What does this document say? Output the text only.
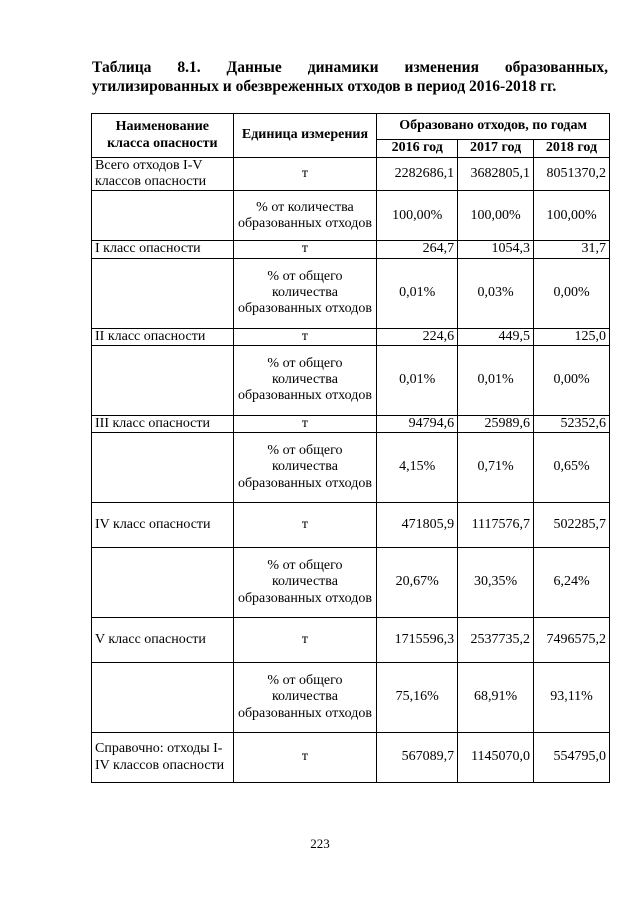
Таблица 8.1. Данные динамики изменения образованных,
утилизированных и обезвреженных отходов в период 2016-2018 гг.
Наименование класса опасности	Единица измерения	Образовано отходов, по годам		
		2016 год	2017 год	2018 год
Всего отходов I-V классов опасности	т	2282686,1	3682805,1	8051370,2
	% от количества образованных отходов	100,00%	100,00%	100,00%
I класс опасности	т	264,7	1054,3	31,7
	% от общего количества образованных отходов	0,01%	0,03%	0,00%
II класс опасности	т	224,6	449,5	125,0
	% от общего количества образованных отходов	0,01%	0,01%	0,00%
III класс опасности	т	94794,6	25989,6	52352,6
	% от общего количества образованных отходов	4,15%	0,71%	0,65%
IV класс опасности	т	471805,9	1117576,7	502285,7
	% от общего количества образованных отходов	20,67%	30,35%	6,24%
V класс опасности	т	1715596,3	2537735,2	7496575,2
	% от общего количества образованных отходов	75,16%	68,91%	93,11%
Справочно: отходы I-IV классов опасности	т	567089,7	1145070,0	554795,0
223
